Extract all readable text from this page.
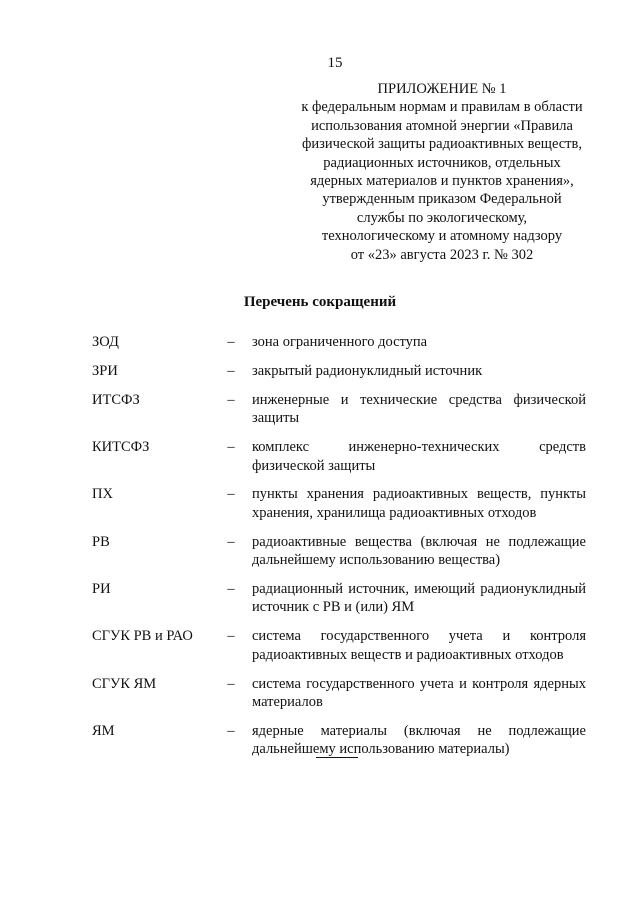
15
ПРИЛОЖЕНИЕ № 1
к федеральным нормам и правилам в области
использования атомной энергии «Правила
физической защиты радиоактивных веществ,
радиационных источников, отдельных
ядерных материалов и пунктов хранения»,
утвержденным приказом Федеральной
службы по экологическому,
технологическому и атомному надзору
от «23» августа 2023 г. № 302
Перечень сокращений
ЗОД	–	зона ограниченного доступа
ЗРИ	–	закрытый радионуклидный источник
ИТСФЗ	–	инженерные и технические средства физической защиты
КИТСФЗ	–	комплекс инженерно-технических средств физической защиты
ПХ	–	пункты хранения радиоактивных веществ, пункты хранения, хранилища радиоактивных отходов
РВ	–	радиоактивные вещества (включая не подлежащие дальнейшему использованию вещества)
РИ	–	радиационный источник, имеющий радионуклидный источник с РВ и (или) ЯМ
СГУК РВ и РАО	–	система государственного учета и контроля радиоактивных веществ и радиоактивных отходов
СГУК ЯМ	–	система государственного учета и контроля ядерных материалов
ЯМ	–	ядерные материалы (включая не подлежащие дальнейшему использованию материалы)
